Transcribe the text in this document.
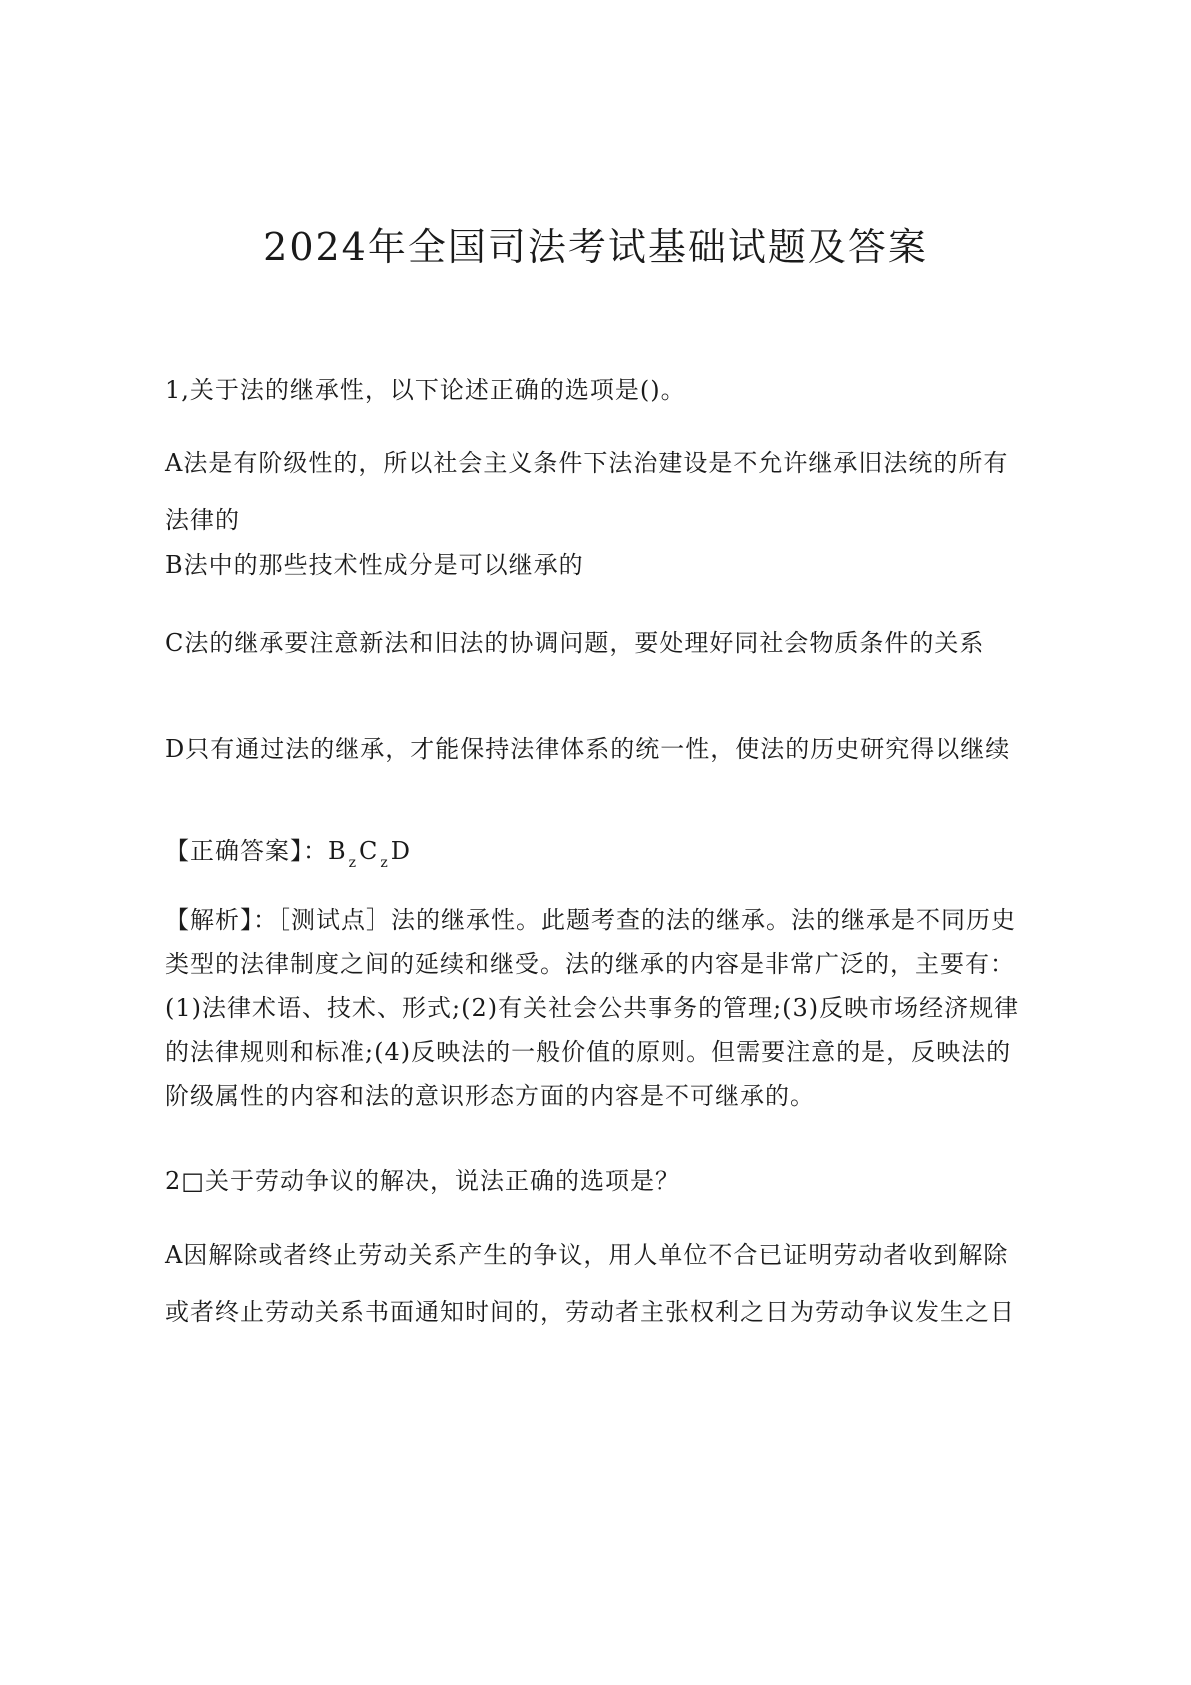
2024年全国司法考试基础试题及答案
1,关于法的继承性，以下论述正确的选项是()。
A法是有阶级性的，所以社会主义条件下法治建设是不允许继承旧法统的所有法律的
B法中的那些技术性成分是可以继承的
C法的继承要注意新法和旧法的协调问题，要处理好同社会物质条件的关系
D只有通过法的继承，才能保持法律体系的统一性，使法的历史研究得以继续
【正确答案】：B $_z$C $_z$D
【解析】：［测试点］法的继承性。此题考查的法的继承。法的继承是不同历史类型的法律制度之间的延续和继受。法的继承的内容是非常广泛的，主要有：(1)法律术语、技术、形式;(2)有关社会公共事务的管理;(3)反映市场经济规律的法律规则和标准;(4)反映法的一般价值的原则。但需要注意的是，反映法的阶级属性的内容和法的意识形态方面的内容是不可继承的。
2□关于劳动争议的解决，说法正确的选项是？
A因解除或者终止劳动关系产生的争议，用人单位不合已证明劳动者收到解除或者终止劳动关系书面通知时间的，劳动者主张权利之日为劳动争议发生之日
